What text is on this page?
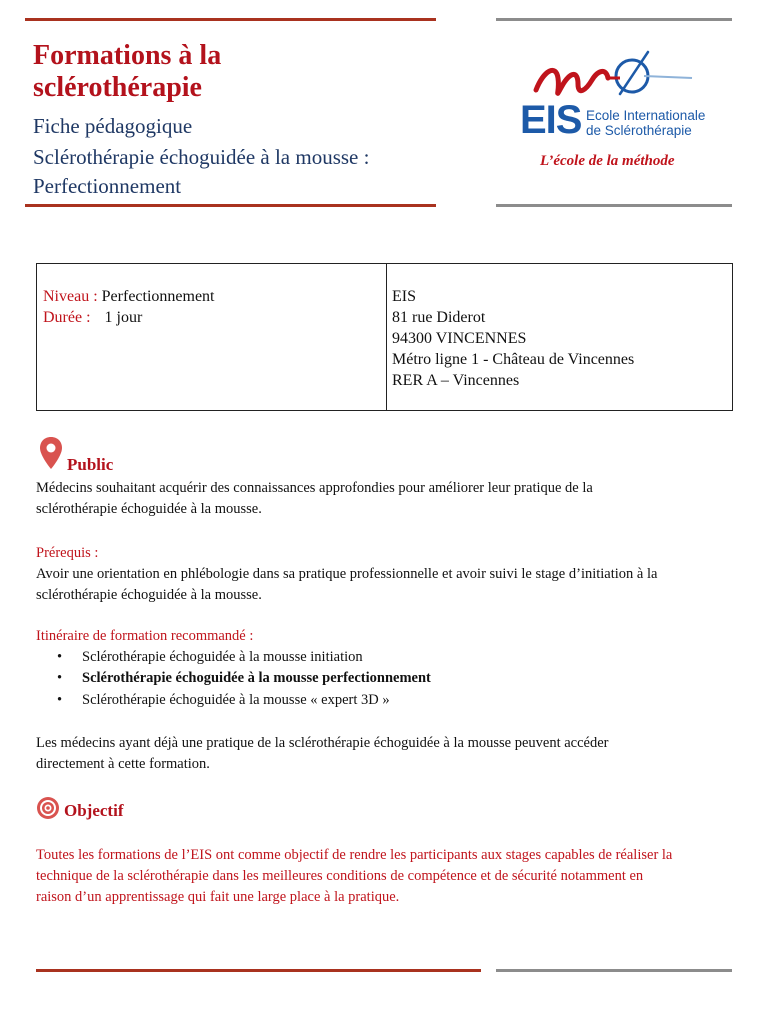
Formations à la
sclérothérapie
Fiche pédagogique
Sclérothérapie échoguidée à la mousse :
Perfectionnement
EIS Ecole Internationale
de Sclérothérapie
L’école de la méthode
Niveau : Perfectionnement
Durée : 1 jour
EIS
81 rue Diderot
94300 VINCENNES
Métro ligne 1 - Château de Vincennes
RER A – Vincennes
Public
Médecins souhaitant acquérir des connaissances approfondies pour améliorer leur pratique de la
sclérothérapie échoguidée à la mousse.
Prérequis :
Avoir une orientation en phlébologie dans sa pratique professionnelle et avoir suivi le stage d’initiation à la
sclérothérapie échoguidée à la mousse.
Itinéraire de formation recommandé :
• Sclérothérapie échoguidée à la mousse initiation
• Sclérothérapie échoguidée à la mousse perfectionnement
• Sclérothérapie échoguidée à la mousse « expert 3D »
Les médecins ayant déjà une pratique de la sclérothérapie échoguidée à la mousse peuvent accéder
directement à cette formation.
Objectif
Toutes les formations de l’EIS ont comme objectif de rendre les participants aux stages capables de réaliser la
technique de la sclérothérapie dans les meilleures conditions de compétence et de sécurité notamment en
raison d’un apprentissage qui fait une large place à la pratique.
